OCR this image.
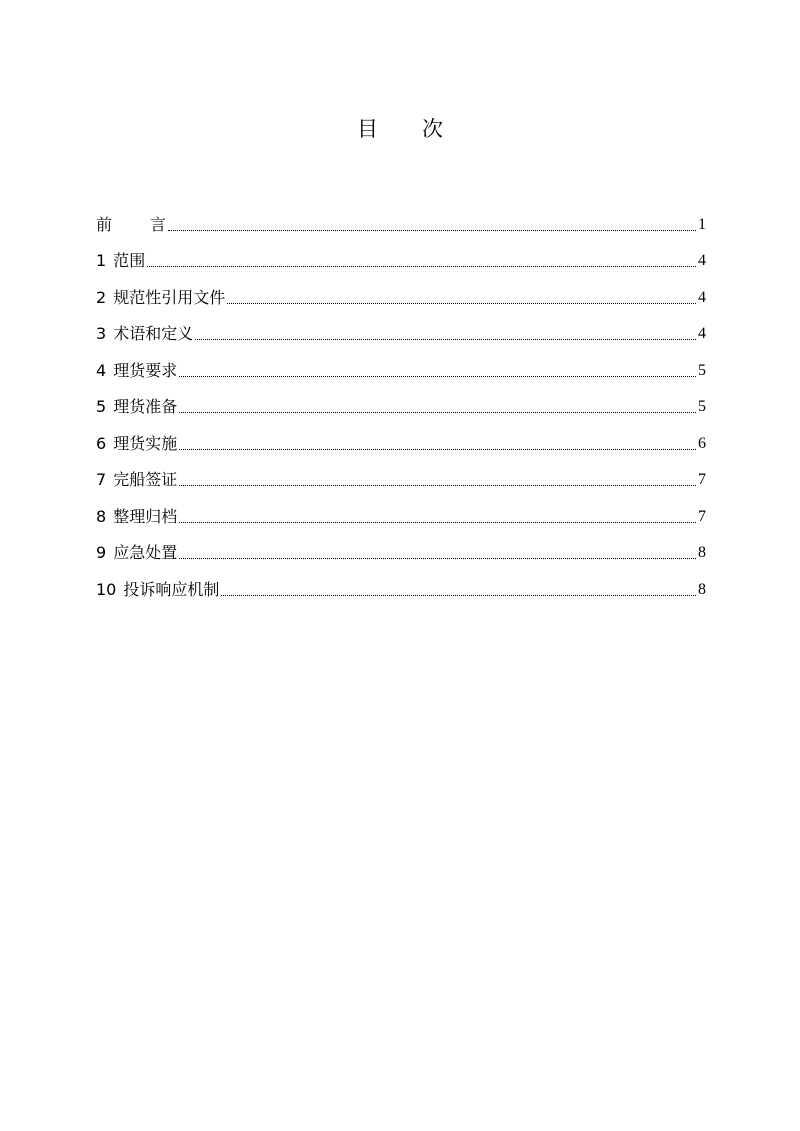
目 次
前 言	1
1 范围	4
2 规范性引用文件	4
3 术语和定义	4
4 理货要求	5
5 理货准备	5
6 理货实施	6
7 完船签证	7
8 整理归档	7
9 应急处置	8
10 投诉响应机制	8
